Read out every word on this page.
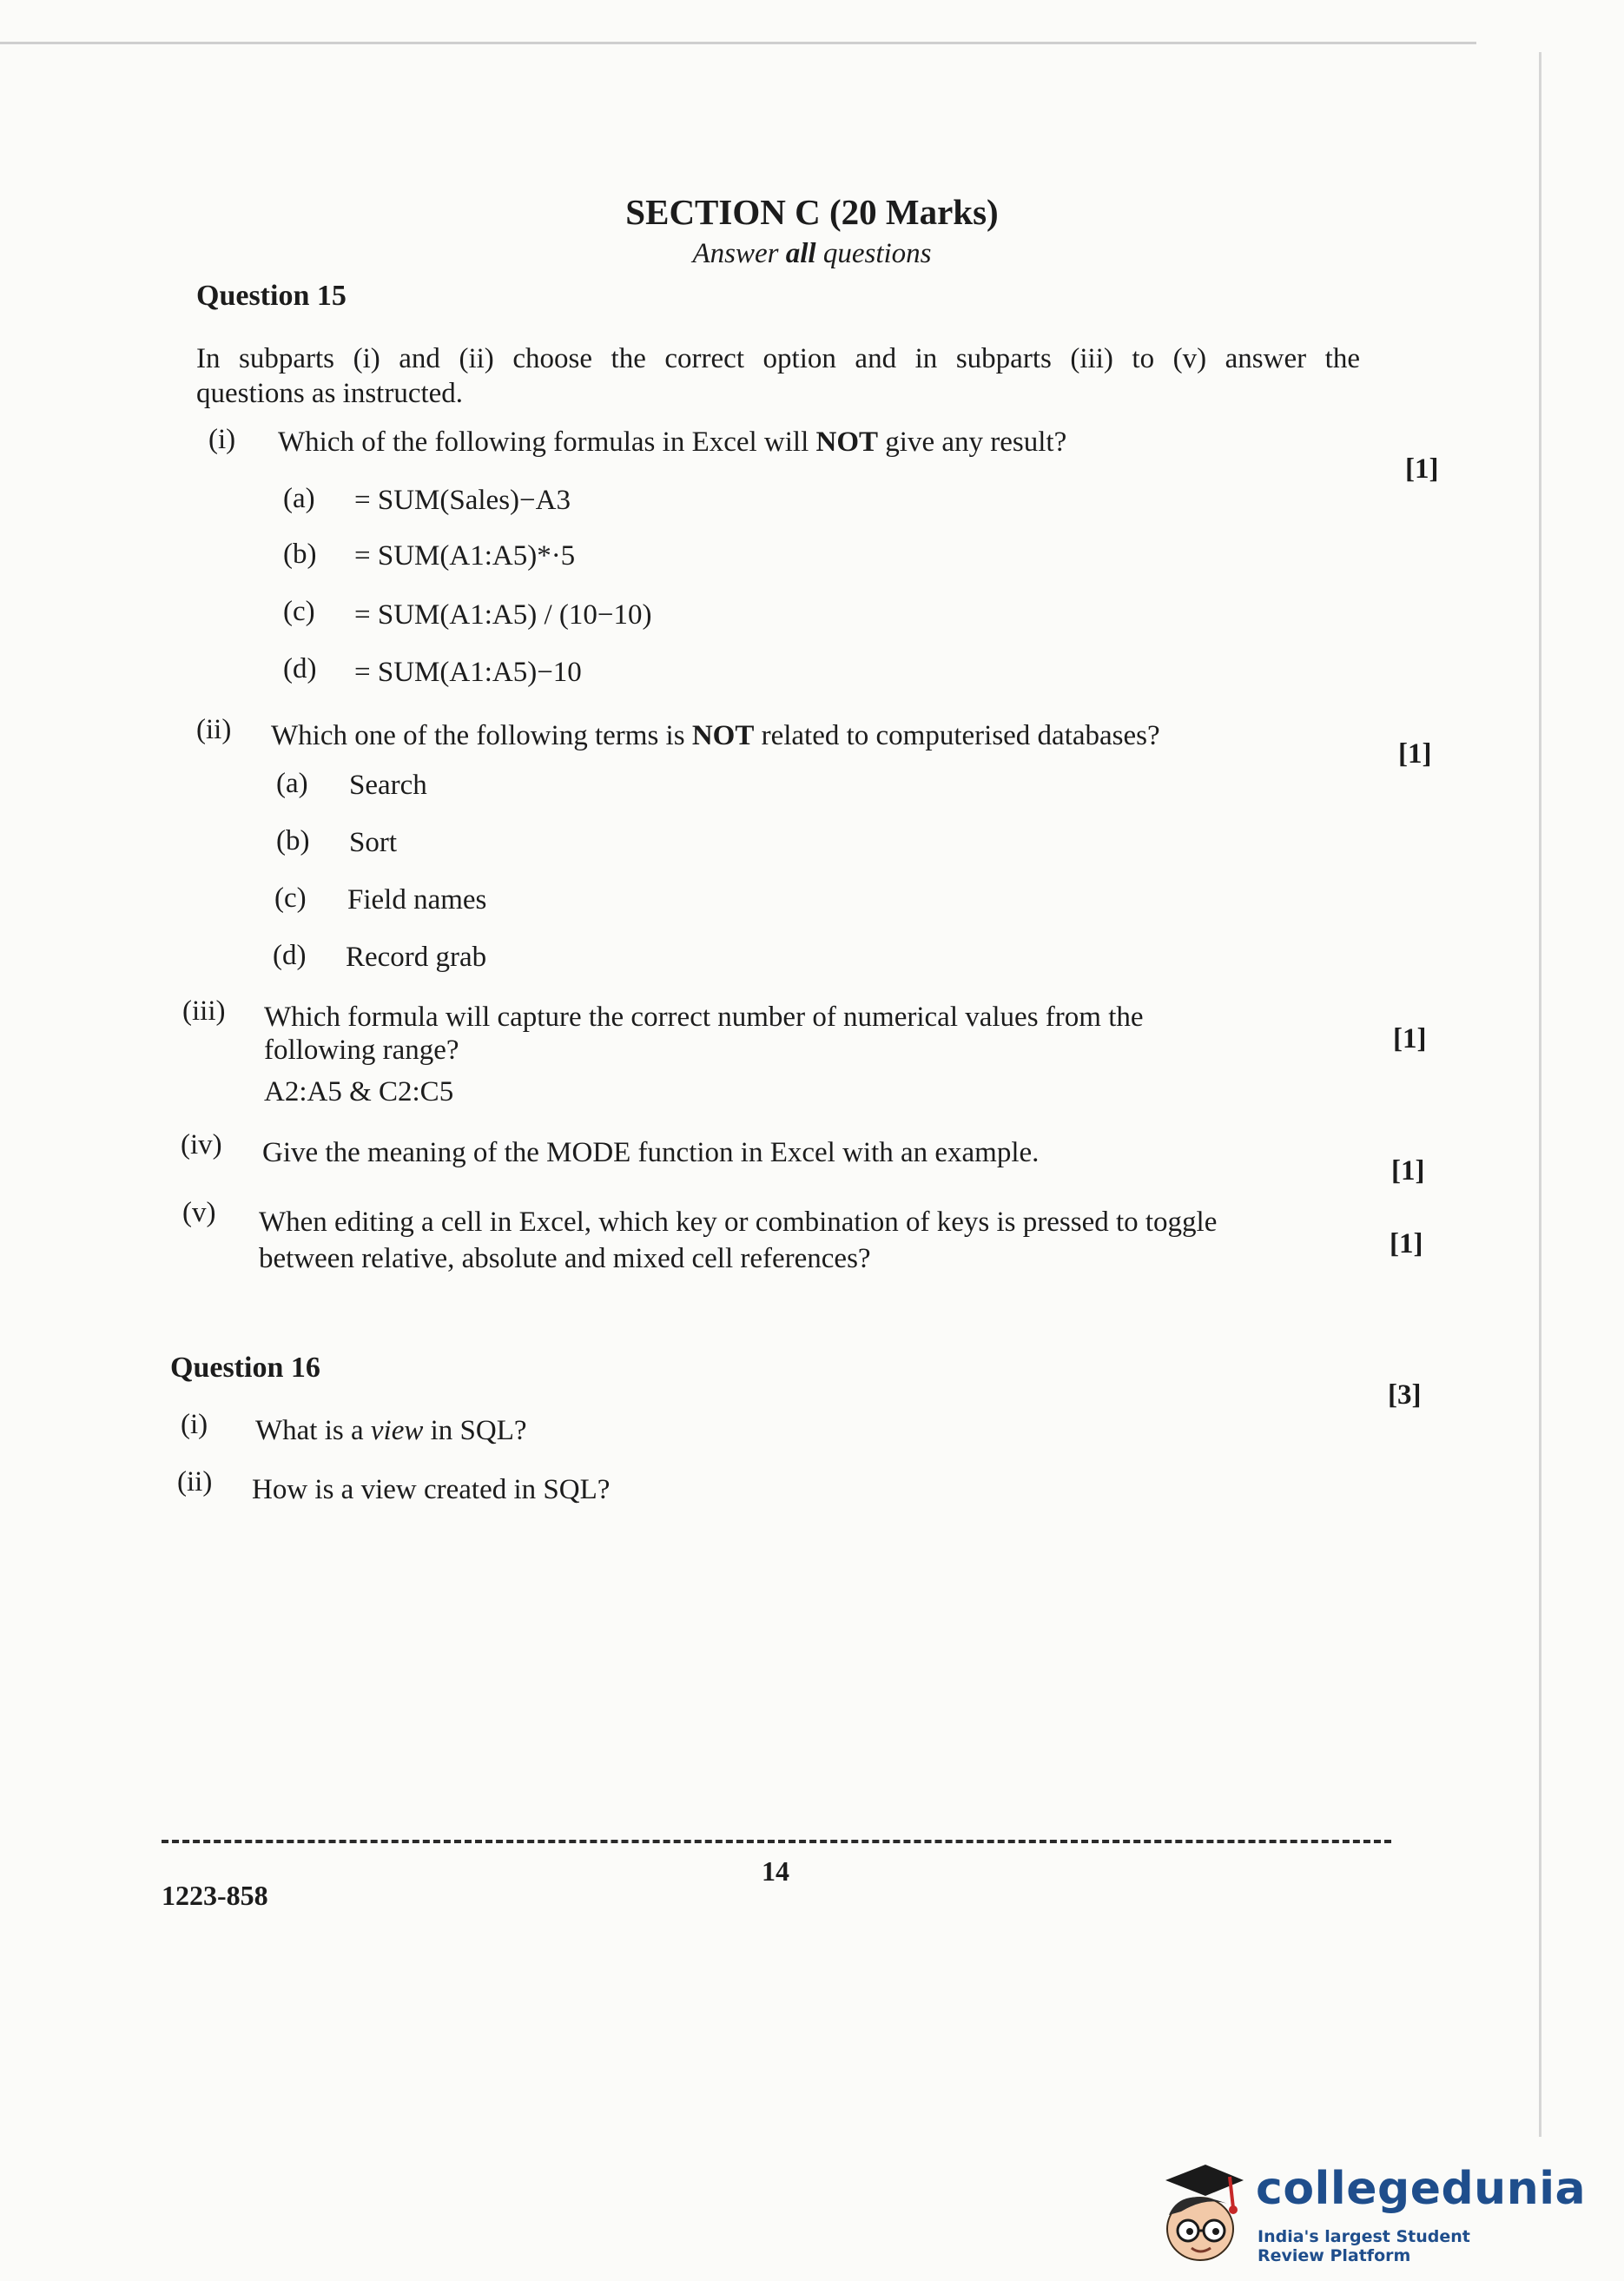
SECTION C (20 Marks)
Answer all questions
Question 15
In subparts (i) and (ii) choose the correct option and in subparts (iii) to (v) answer the
questions as instructed.
(i) Which of the following formulas in Excel will NOT give any result?
[1]
(a) = SUM(Sales)−A3
(b) = SUM(A1:A5)*·5
(c) = SUM(A1:A5) / (10−10)
(d) = SUM(A1:A5)−10
(ii) Which one of the following terms is NOT related to computerised databases?
[1]
(a) Search
(b) Sort
(c) Field names
(d) Record grab
(iii) Which formula will capture the correct number of numerical values from the
following range?
A2:A5 & C2:C5
[1]
(iv) Give the meaning of the MODE function in Excel with an example.
[1]
(v) When editing a cell in Excel, which key or combination of keys is pressed to toggle
between relative, absolute and mixed cell references?	[1]
Question 16
[3]
(i) What is a view in SQL?
(ii) How is a view created in SQL?
14
1223-858
collegedunia
India's largest Student Review Platform
